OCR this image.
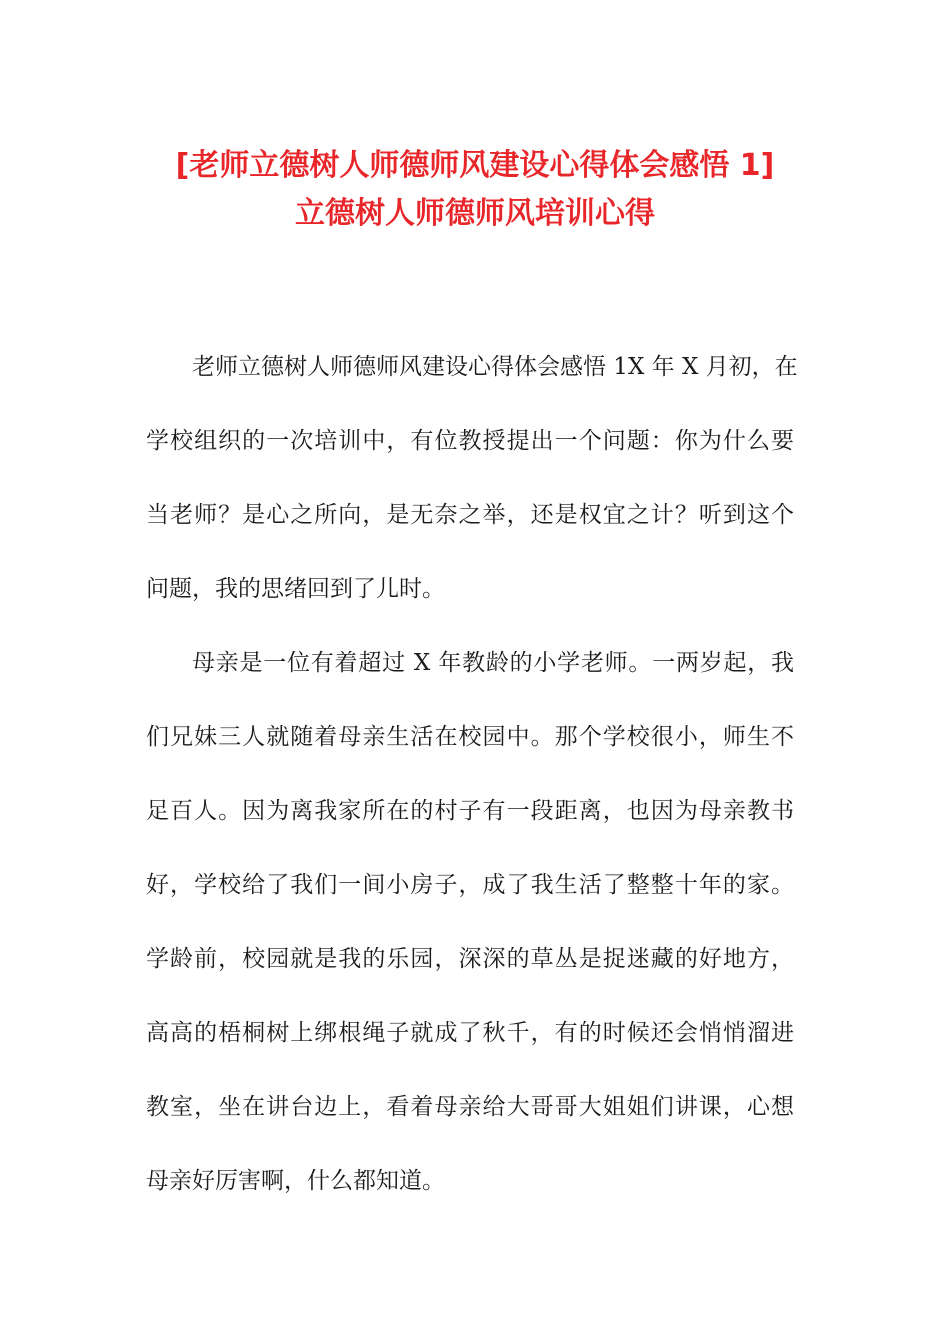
[老师立德树人师德师风建设心得体会感悟 1]
立德树人师德师风培训心得
老师立德树人师德师风建设心得体会感悟 1X 年 X 月初，在
学校组织的一次培训中，有位教授提出一个问题：你为什么要
当老师？是心之所向，是无奈之举，还是权宜之计？听到这个
问题，我的思绪回到了儿时。
母亲是一位有着超过 X 年教龄的小学老师。一两岁起，我
们兄妹三人就随着母亲生活在校园中。那个学校很小，师生不
足百人。因为离我家所在的村子有一段距离，也因为母亲教书
好，学校给了我们一间小房子，成了我生活了整整十年的家。
学龄前，校园就是我的乐园，深深的草丛是捉迷藏的好地方，
高高的梧桐树上绑根绳子就成了秋千，有的时候还会悄悄溜进
教室，坐在讲台边上，看着母亲给大哥哥大姐姐们讲课，心想
母亲好厉害啊，什么都知道。
